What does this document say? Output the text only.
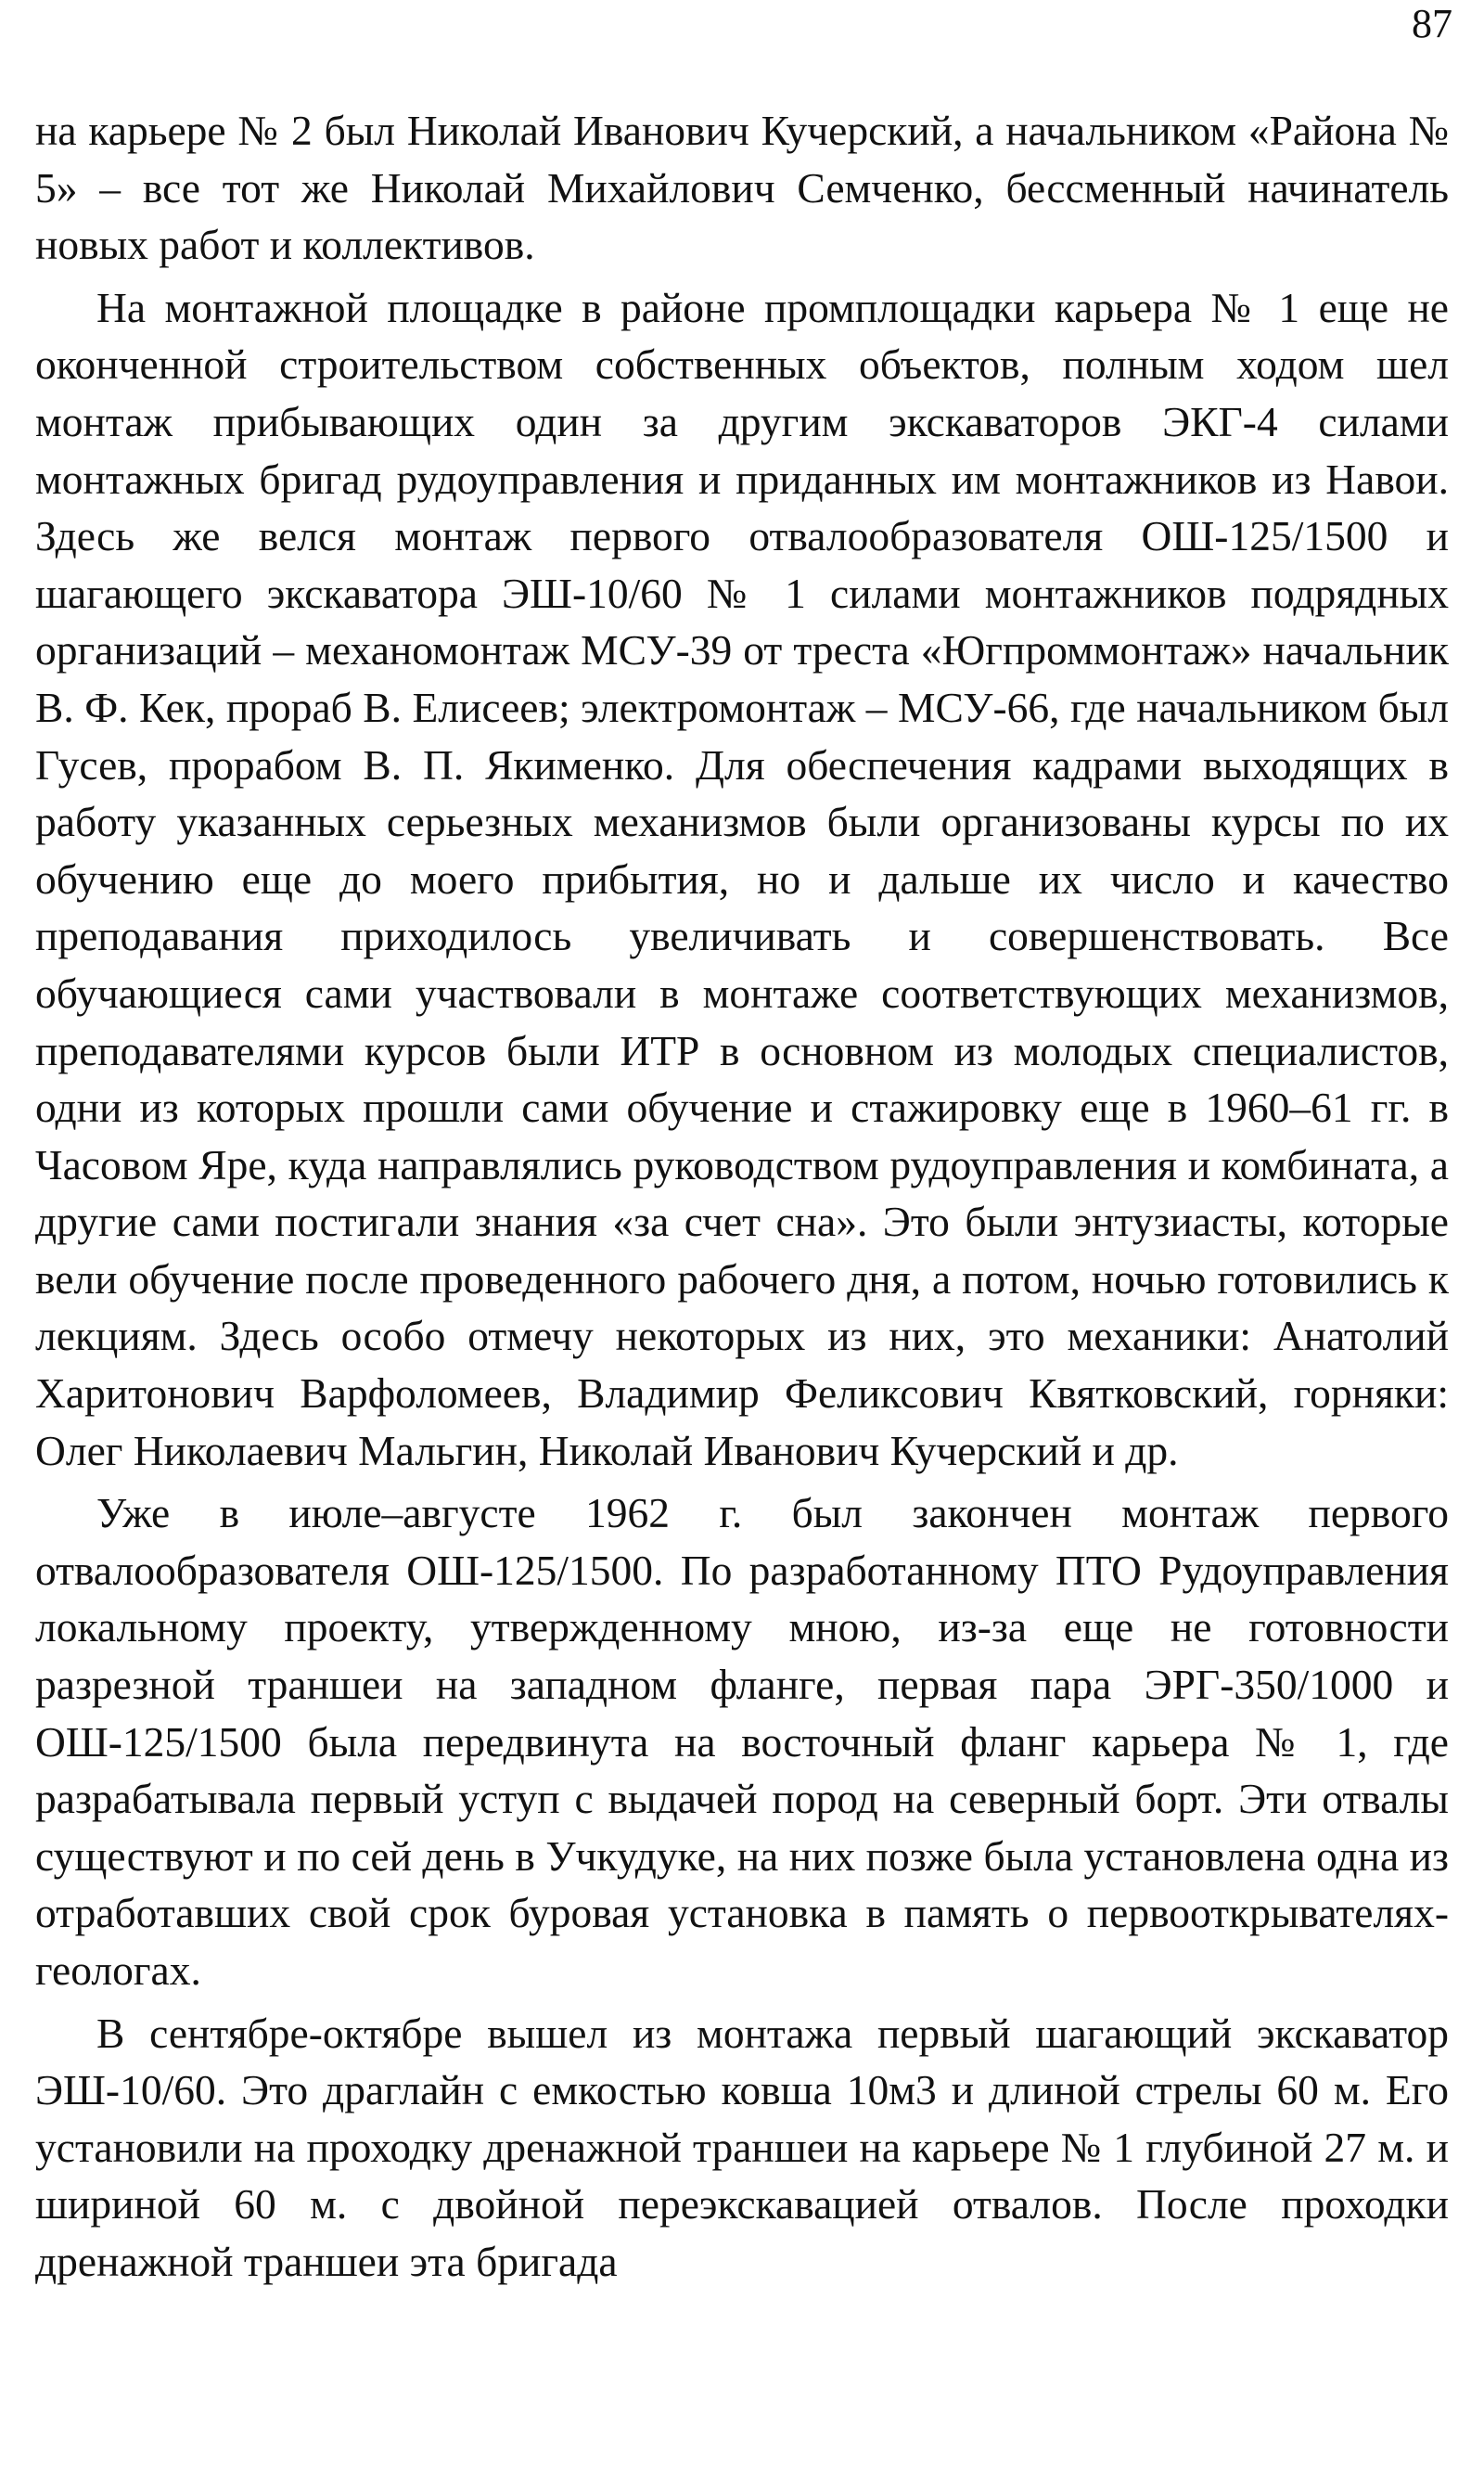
87

на карьере № 2 был Николай Иванович Кучерский, а начальником «Района № 5» – все тот же Николай Михайлович Семченко, бессменный начинатель новых работ и коллективов.

На монтажной площадке в районе промплощадки карьера № 1 еще не оконченной строительством собственных объектов, полным ходом шел монтаж прибывающих один за другим экскаваторов ЭКГ-4 силами монтажных бригад рудоуправления и приданных им монтажников из Навои. Здесь же велся монтаж первого отвалообразователя ОШ-125/1500 и шагающего экскаватора ЭШ-10/60 № 1 силами монтажников подрядных организаций – механомонтаж МСУ-39 от треста «Югпроммонтаж» начальник В. Ф. Кек, прораб В. Елисеев; электромонтаж – МСУ-66, где начальником был Гусев, прорабом В. П. Якименко. Для обеспечения кадрами выходящих в работу указанных серьезных механизмов были организованы курсы по их обучению еще до моего прибытия, но и дальше их число и качество преподавания приходилось увеличивать и совершенствовать. Все обучающиеся сами участвовали в монтаже соответствующих механизмов, преподавателями курсов были ИТР в основном из молодых специалистов, одни из которых прошли сами обучение и стажировку еще в 1960–61 гг. в Часовом Яре, куда направлялись руководством рудоуправления и комбината, а другие сами постигали знания «за счет сна». Это были энтузиасты, которые вели обучение после проведенного рабочего дня, а потом, ночью готовились к лекциям. Здесь особо отмечу некоторых из них, это механики: Анатолий Харитонович Варфоломеев, Владимир Феликсович Квятковский, горняки: Олег Николаевич Мальгин, Николай Иванович Кучерский и др.

Уже в июле–августе 1962 г. был закончен монтаж первого отвалообразователя ОШ-125/1500. По разработанному ПТО Рудоуправления локальному проекту, утвержденному мною, из-за еще не готовности разрезной траншеи на западном фланге, первая пара ЭРГ-350/1000 и ОШ-125/1500 была передвинута на восточный фланг карьера № 1, где разрабатывала первый уступ с выдачей пород на северный борт. Эти отвалы существуют и по сей день в Учкудуке, на них позже была установлена одна из отработавших свой срок буровая установка в память о первооткрывателях-геологах.

В сентябре-октябре вышел из монтажа первый шагающий экскаватор ЭШ-10/60. Это драглайн с емкостью ковша 10м3 и длиной стрелы 60 м. Его установили на проходку дренажной траншеи на карьере № 1 глубиной 27 м. и шириной 60 м. с двойной переэкскавацией отвалов. После проходки дренажной траншеи эта бригада
